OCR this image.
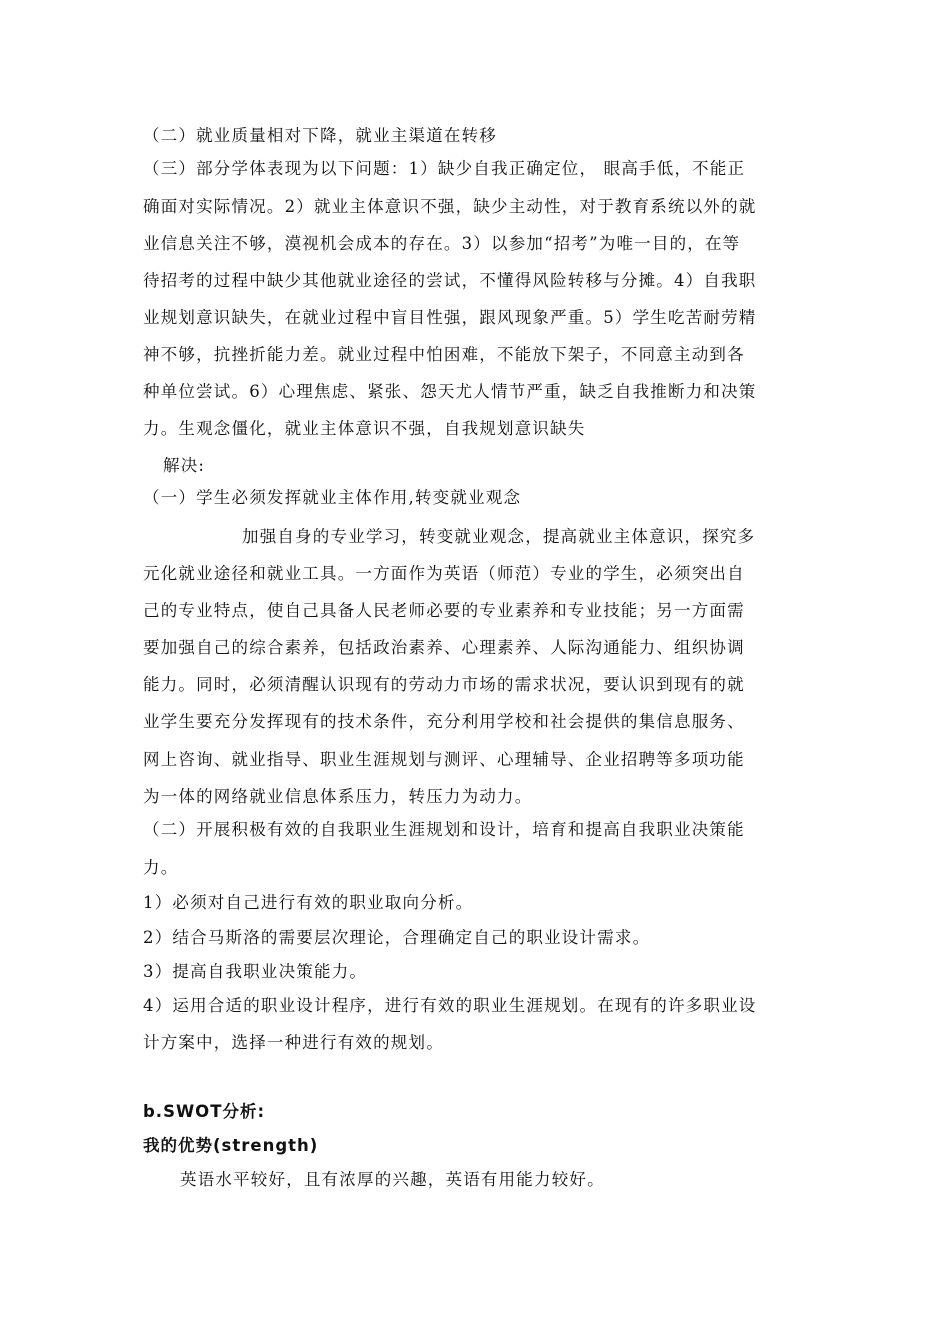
（二）就业质量相对下降，就业主渠道在转移
（三）部分学体表现为以下问题：1）缺少自我正确定位， 眼高手低，不能正
确面对实际情况。2）就业主体意识不强，缺少主动性，对于教育系统以外的就
业信息关注不够，漠视机会成本的存在。3）以参加“招考”为唯一目的，在等
待招考的过程中缺少其他就业途径的尝试，不懂得风险转移与分摊。4）自我职
业规划意识缺失，在就业过程中盲目性强，跟风现象严重。5）学生吃苦耐劳精
神不够，抗挫折能力差。就业过程中怕困难，不能放下架子，不同意主动到各
种单位尝试。6）心理焦虑、紧张、怨天尤人情节严重，缺乏自我推断力和决策
力。生观念僵化，就业主体意识不强，自我规划意识缺失
解决:
（一）学生必须发挥就业主体作用,转变就业观念
加强自身的专业学习，转变就业观念，提高就业主体意识，探究多
元化就业途径和就业工具。一方面作为英语（师范）专业的学生，必须突出自
己的专业特点，使自己具备人民老师必要的专业素养和专业技能；另一方面需
要加强自己的综合素养，包括政治素养、心理素养、人际沟通能力、组织协调
能力。同时，必须清醒认识现有的劳动力市场的需求状况，要认识到现有的就
业学生要充分发挥现有的技术条件，充分利用学校和社会提供的集信息服务、
网上咨询、就业指导、职业生涯规划与测评、心理辅导、企业招聘等多项功能
为一体的网络就业信息体系压力，转压力为动力。
（二）开展积极有效的自我职业生涯规划和设计，培育和提高自我职业决策能
力。
1）必须对自己进行有效的职业取向分析。
2）结合马斯洛的需要层次理论，合理确定自己的职业设计需求。
3）提高自我职业决策能力。
4）运用合适的职业设计程序，进行有效的职业生涯规划。在现有的许多职业设
计方案中，选择一种进行有效的规划。
b.SWOT分析:
我的优势(strength)
英语水平较好，且有浓厚的兴趣，英语有用能力较好。
